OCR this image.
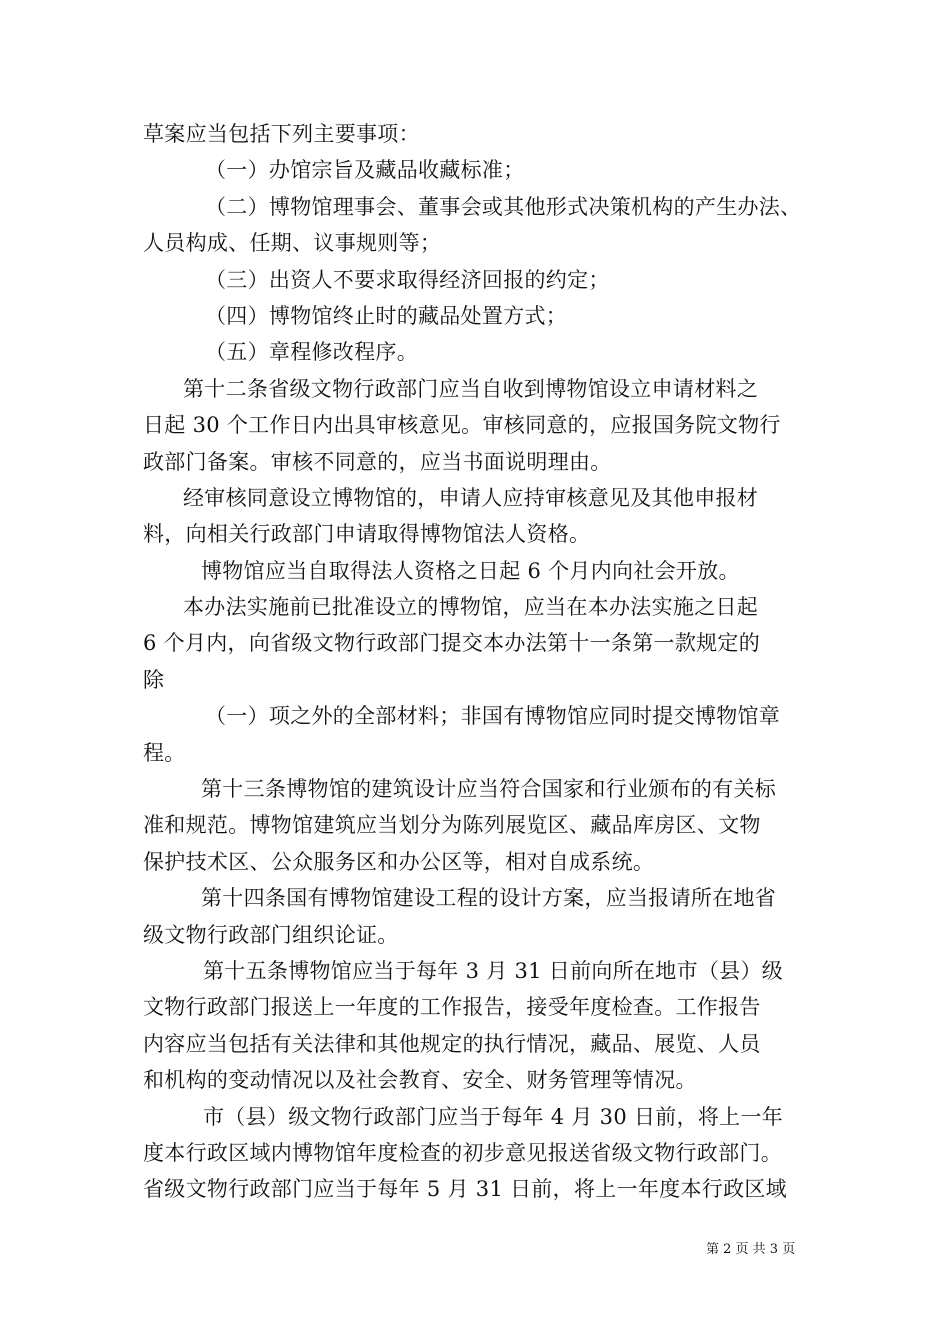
草案应当包括下列主要事项：
（一）办馆宗旨及藏品收藏标准；
（二）博物馆理事会、董事会或其他形式决策机构的产生办法、
人员构成、任期、议事规则等；
（三）出资人不要求取得经济回报的约定；
（四）博物馆终止时的藏品处置方式；
（五）章程修改程序。
第十二条省级文物行政部门应当自收到博物馆设立申请材料之
日起 30 个工作日内出具审核意见。审核同意的，应报国务院文物行
政部门备案。审核不同意的，应当书面说明理由。
经审核同意设立博物馆的，申请人应持审核意见及其他申报材
料，向相关行政部门申请取得博物馆法人资格。
博物馆应当自取得法人资格之日起 6 个月内向社会开放。
本办法实施前已批准设立的博物馆，应当在本办法实施之日起
6 个月内，向省级文物行政部门提交本办法第十一条第一款规定的
除
（一）项之外的全部材料；非国有博物馆应同时提交博物馆章
程。
第十三条博物馆的建筑设计应当符合国家和行业颁布的有关标
准和规范。博物馆建筑应当划分为陈列展览区、藏品库房区、文物
保护技术区、公众服务区和办公区等，相对自成系统。
第十四条国有博物馆建设工程的设计方案，应当报请所在地省
级文物行政部门组织论证。
第十五条博物馆应当于每年 3 月 31 日前向所在地市（县）级
文物行政部门报送上一年度的工作报告，接受年度检查。工作报告
内容应当包括有关法律和其他规定的执行情况，藏品、展览、人员
和机构的变动情况以及社会教育、安全、财务管理等情况。
市（县）级文物行政部门应当于每年 4 月 30 日前，将上一年
度本行政区域内博物馆年度检查的初步意见报送省级文物行政部门。
省级文物行政部门应当于每年 5 月 31 日前，将上一年度本行政区域
第 2 页 共 3 页
